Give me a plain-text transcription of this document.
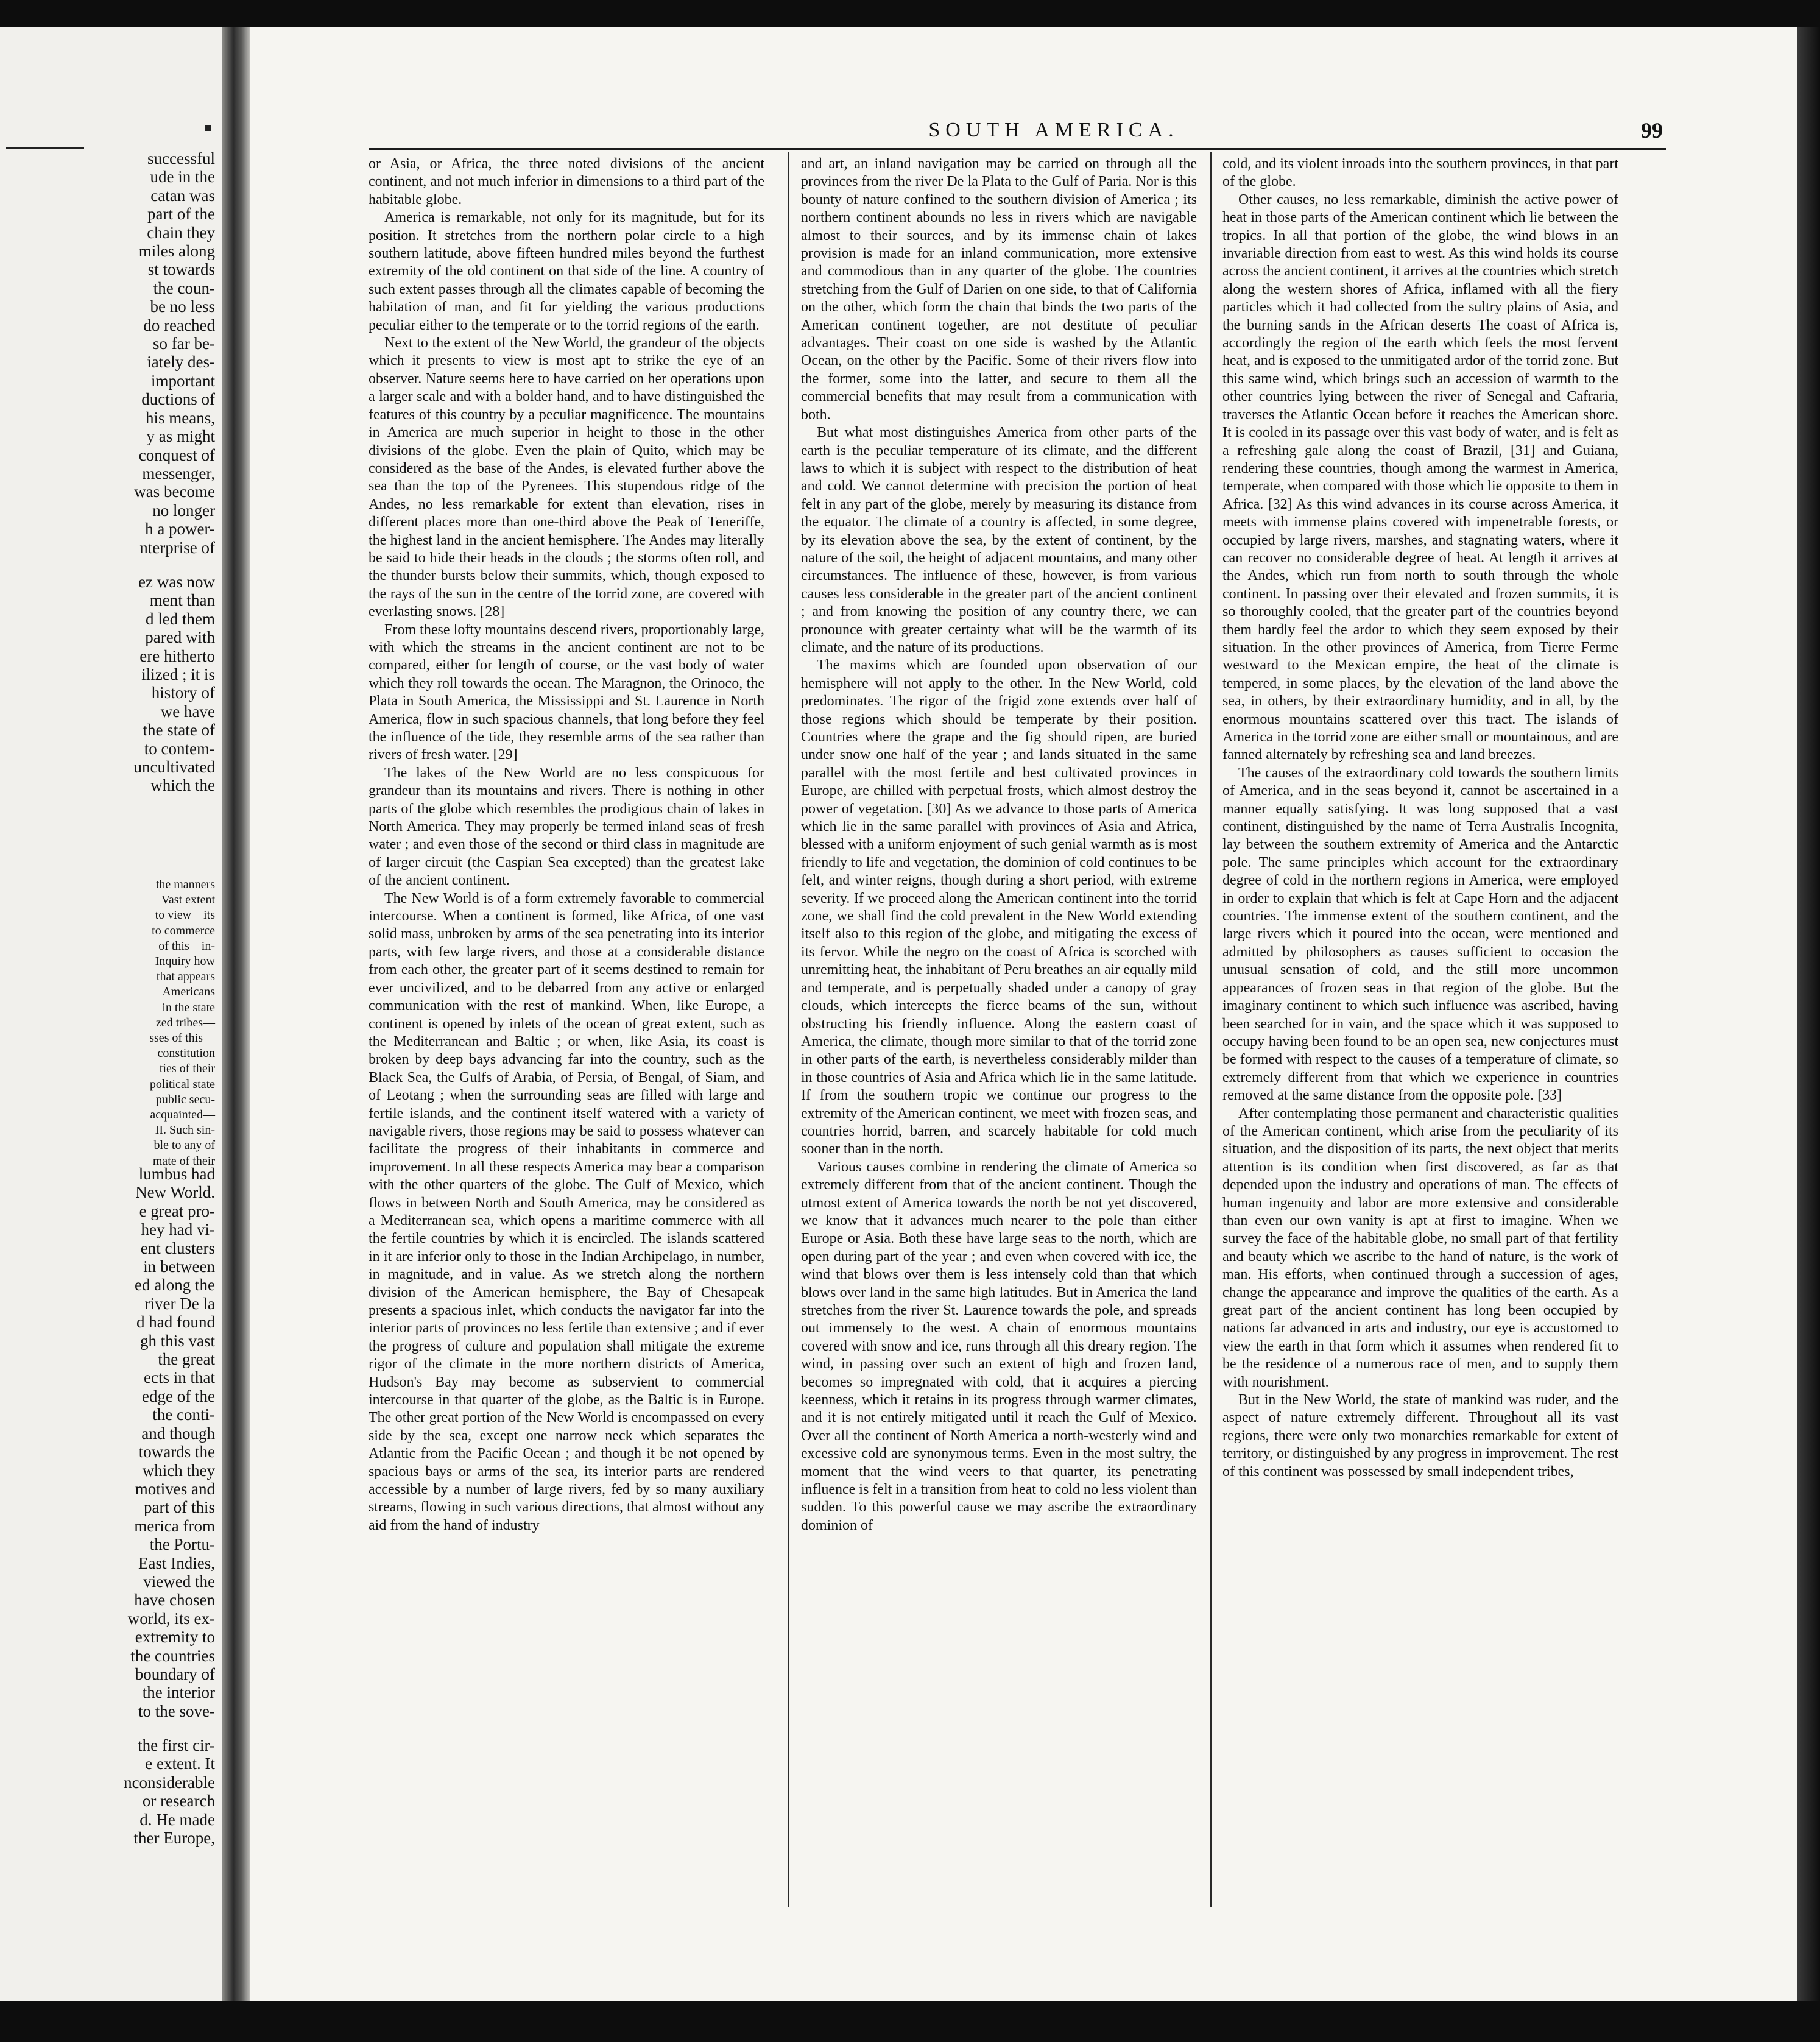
successful
ude in the
catan was
part of the
chain they
miles along
st towards
the coun-
be no less
do reached
so far be-
iately des-
important
ductions of
his means,
y as might
conquest of
messenger,
was become
no longer
h a power-
nterprise of
ez was now
ment than
d led them
pared with
ere hitherto
ilized ; it is
history of
we have
the state of
to contem-
uncultivated
which the
the manners
Vast extent
to view—its
to commerce
of this—in-
Inquiry how
that appears
Americans
in the state
zed tribes—
sses of this—
constitution
ties of their
political state
public secu-
acquainted—
II. Such sin-
ble to any of
mate of their
lumbus had
New World.
e great pro-
hey had vi-
ent clusters
in between
ed along the
river De la
d had found
gh this vast
the great
ects in that
edge of the
the conti-
and though
towards the
which they
motives and
part of this
merica from
the Portu-
East Indies,
viewed the
have chosen
world, its ex-
extremity to
the countries
boundary of
the interior
to the sove-
the first cir-
e extent. It
nconsiderable
or research
d. He made
ther Europe,
SOUTH AMERICA.	99

or Asia, or Africa, the three noted divisions of the ancient continent, and not much inferior in dimensions to a third part of the habitable globe.

America is remarkable, not only for its magnitude, but for its position. It stretches from the northern polar circle to a high southern latitude, above fifteen hundred miles beyond the furthest extremity of the old continent on that side of the line. A country of such extent passes through all the climates capable of becoming the habitation of man, and fit for yielding the various productions peculiar either to the temperate or to the torrid regions of the earth.

Next to the extent of the New World, the grandeur of the objects which it presents to view is most apt to strike the eye of an observer. Nature seems here to have carried on her operations upon a larger scale and with a bolder hand, and to have distinguished the features of this country by a peculiar magnificence. The mountains in America are much superior in height to those in the other divisions of the globe. Even the plain of Quito, which may be considered as the base of the Andes, is elevated further above the sea than the top of the Pyrenees. This stupendous ridge of the Andes, no less remarkable for extent than elevation, rises in different places more than one-third above the Peak of Teneriffe, the highest land in the ancient hemisphere. The Andes may literally be said to hide their heads in the clouds ; the storms often roll, and the thunder bursts below their summits, which, though exposed to the rays of the sun in the centre of the torrid zone, are covered with everlasting snows. [28]

From these lofty mountains descend rivers, proportionably large, with which the streams in the ancient continent are not to be compared, either for length of course, or the vast body of water which they roll towards the ocean. The Maragnon, the Orinoco, the Plata in South America, the Mississippi and St. Laurence in North America, flow in such spacious channels, that long before they feel the influence of the tide, they resemble arms of the sea rather than rivers of fresh water. [29]

The lakes of the New World are no less conspicuous for grandeur than its mountains and rivers. There is nothing in other parts of the globe which resembles the prodigious chain of lakes in North America. They may properly be termed inland seas of fresh water ; and even those of the second or third class in magnitude are of larger circuit (the Caspian Sea excepted) than the greatest lake of the ancient continent.

The New World is of a form extremely favorable to commercial intercourse. When a continent is formed, like Africa, of one vast solid mass, unbroken by arms of the sea penetrating into its interior parts, with few large rivers, and those at a considerable distance from each other, the greater part of it seems destined to remain for ever uncivilized, and to be debarred from any active or enlarged communication with the rest of mankind. When, like Europe, a continent is opened by inlets of the ocean of great extent, such as the Mediterranean and Baltic ; or when, like Asia, its coast is broken by deep bays advancing far into the country, such as the Black Sea, the Gulfs of Arabia, of Persia, of Bengal, of Siam, and of Leotang ; when the surrounding seas are filled with large and fertile islands, and the continent itself watered with a variety of navigable rivers, those regions may be said to possess whatever can facilitate the progress of their inhabitants in commerce and improvement. In all these respects America may bear a comparison with the other quarters of the globe. The Gulf of Mexico, which flows in between North and South America, may be considered as a Mediterranean sea, which opens a maritime commerce with all the fertile countries by which it is encircled. The islands scattered in it are inferior only to those in the Indian Archipelago, in number, in magnitude, and in value. As we stretch along the northern division of the American hemisphere, the Bay of Chesapeak presents a spacious inlet, which conducts the navigator far into the interior parts of provinces no less fertile than extensive ; and if ever the progress of culture and population shall mitigate the extreme rigor of the climate in the more northern districts of America, Hudson's Bay may become as subservient to commercial intercourse in that quarter of the globe, as the Baltic is in Europe. The other great portion of the New World is encompassed on every side by the sea, except one narrow neck which separates the Atlantic from the Pacific Ocean ; and though it be not opened by spacious bays or arms of the sea, its interior parts are rendered accessible by a number of large rivers, fed by so many auxiliary streams, flowing in such various directions, that almost without any aid from the hand of industry

and art, an inland navigation may be carried on through all the provinces from the river De la Plata to the Gulf of Paria. Nor is this bounty of nature confined to the southern division of America ; its northern continent abounds no less in rivers which are navigable almost to their sources, and by its immense chain of lakes provision is made for an inland communication, more extensive and commodious than in any quarter of the globe. The countries stretching from the Gulf of Darien on one side, to that of California on the other, which form the chain that binds the two parts of the American continent together, are not destitute of peculiar advantages. Their coast on one side is washed by the Atlantic Ocean, on the other by the Pacific. Some of their rivers flow into the former, some into the latter, and secure to them all the commercial benefits that may result from a communication with both.

But what most distinguishes America from other parts of the earth is the peculiar temperature of its climate, and the different laws to which it is subject with respect to the distribution of heat and cold. We cannot determine with precision the portion of heat felt in any part of the globe, merely by measuring its distance from the equator. The climate of a country is affected, in some degree, by its elevation above the sea, by the extent of continent, by the nature of the soil, the height of adjacent mountains, and many other circumstances. The influence of these, however, is from various causes less considerable in the greater part of the ancient continent ; and from knowing the position of any country there, we can pronounce with greater certainty what will be the warmth of its climate, and the nature of its productions.

The maxims which are founded upon observation of our hemisphere will not apply to the other. In the New World, cold predominates. The rigor of the frigid zone extends over half of those regions which should be temperate by their position. Countries where the grape and the fig should ripen, are buried under snow one half of the year ; and lands situated in the same parallel with the most fertile and best cultivated provinces in Europe, are chilled with perpetual frosts, which almost destroy the power of vegetation. [30] As we advance to those parts of America which lie in the same parallel with provinces of Asia and Africa, blessed with a uniform enjoyment of such genial warmth as is most friendly to life and vegetation, the dominion of cold continues to be felt, and winter reigns, though during a short period, with extreme severity. If we proceed along the American continent into the torrid zone, we shall find the cold prevalent in the New World extending itself also to this region of the globe, and mitigating the excess of its fervor. While the negro on the coast of Africa is scorched with unremitting heat, the inhabitant of Peru breathes an air equally mild and temperate, and is perpetually shaded under a canopy of gray clouds, which intercepts the fierce beams of the sun, without obstructing his friendly influence. Along the eastern coast of America, the climate, though more similar to that of the torrid zone in other parts of the earth, is nevertheless considerably milder than in those countries of Asia and Africa which lie in the same latitude. If from the southern tropic we continue our progress to the extremity of the American continent, we meet with frozen seas, and countries horrid, barren, and scarcely habitable for cold much sooner than in the north.

Various causes combine in rendering the climate of America so extremely different from that of the ancient continent. Though the utmost extent of America towards the north be not yet discovered, we know that it advances much nearer to the pole than either Europe or Asia. Both these have large seas to the north, which are open during part of the year ; and even when covered with ice, the wind that blows over them is less intensely cold than that which blows over land in the same high latitudes. But in America the land stretches from the river St. Laurence towards the pole, and spreads out immensely to the west. A chain of enormous mountains covered with snow and ice, runs through all this dreary region. The wind, in passing over such an extent of high and frozen land, becomes so impregnated with cold, that it acquires a piercing keenness, which it retains in its progress through warmer climates, and it is not entirely mitigated until it reach the Gulf of Mexico. Over all the continent of North America a north-westerly wind and excessive cold are synonymous terms. Even in the most sultry, the moment that the wind veers to that quarter, its penetrating influence is felt in a transition from heat to cold no less violent than sudden. To this powerful cause we may ascribe the extraordinary dominion of

cold, and its violent inroads into the southern provinces, in that part of the globe.

Other causes, no less remarkable, diminish the active power of heat in those parts of the American continent which lie between the tropics. In all that portion of the globe, the wind blows in an invariable direction from east to west. As this wind holds its course across the ancient continent, it arrives at the countries which stretch along the western shores of Africa, inflamed with all the fiery particles which it had collected from the sultry plains of Asia, and the burning sands in the African deserts The coast of Africa is, accordingly the region of the earth which feels the most fervent heat, and is exposed to the unmitigated ardor of the torrid zone. But this same wind, which brings such an accession of warmth to the other countries lying between the river of Senegal and Cafraria, traverses the Atlantic Ocean before it reaches the American shore. It is cooled in its passage over this vast body of water, and is felt as a refreshing gale along the coast of Brazil, [31] and Guiana, rendering these countries, though among the warmest in America, temperate, when compared with those which lie opposite to them in Africa. [32] As this wind advances in its course across America, it meets with immense plains covered with impenetrable forests, or occupied by large rivers, marshes, and stagnating waters, where it can recover no considerable degree of heat. At length it arrives at the Andes, which run from north to south through the whole continent. In passing over their elevated and frozen summits, it is so thoroughly cooled, that the greater part of the countries beyond them hardly feel the ardor to which they seem exposed by their situation. In the other provinces of America, from Tierre Ferme westward to the Mexican empire, the heat of the climate is tempered, in some places, by the elevation of the land above the sea, in others, by their extraordinary humidity, and in all, by the enormous mountains scattered over this tract. The islands of America in the torrid zone are either small or mountainous, and are fanned alternately by refreshing sea and land breezes.

The causes of the extraordinary cold towards the southern limits of America, and in the seas beyond it, cannot be ascertained in a manner equally satisfying. It was long supposed that a vast continent, distinguished by the name of Terra Australis Incognita, lay between the southern extremity of America and the Antarctic pole. The same principles which account for the extraordinary degree of cold in the northern regions in America, were employed in order to explain that which is felt at Cape Horn and the adjacent countries. The immense extent of the southern continent, and the large rivers which it poured into the ocean, were mentioned and admitted by philosophers as causes sufficient to occasion the unusual sensation of cold, and the still more uncommon appearances of frozen seas in that region of the globe. But the imaginary continent to which such influence was ascribed, having been searched for in vain, and the space which it was supposed to occupy having been found to be an open sea, new conjectures must be formed with respect to the causes of a temperature of climate, so extremely different from that which we experience in countries removed at the same distance from the opposite pole. [33]

After contemplating those permanent and characteristic qualities of the American continent, which arise from the peculiarity of its situation, and the disposition of its parts, the next object that merits attention is its condition when first discovered, as far as that depended upon the industry and operations of man. The effects of human ingenuity and labor are more extensive and considerable than even our own vanity is apt at first to imagine. When we survey the face of the habitable globe, no small part of that fertility and beauty which we ascribe to the hand of nature, is the work of man. His efforts, when continued through a succession of ages, change the appearance and improve the qualities of the earth. As a great part of the ancient continent has long been occupied by nations far advanced in arts and industry, our eye is accustomed to view the earth in that form which it assumes when rendered fit to be the residence of a numerous race of men, and to supply them with nourishment.

But in the New World, the state of mankind was ruder, and the aspect of nature extremely different. Throughout all its vast regions, there were only two monarchies remarkable for extent of territory, or distinguished by any progress in improvement. The rest of this continent was possessed by small independent tribes,
